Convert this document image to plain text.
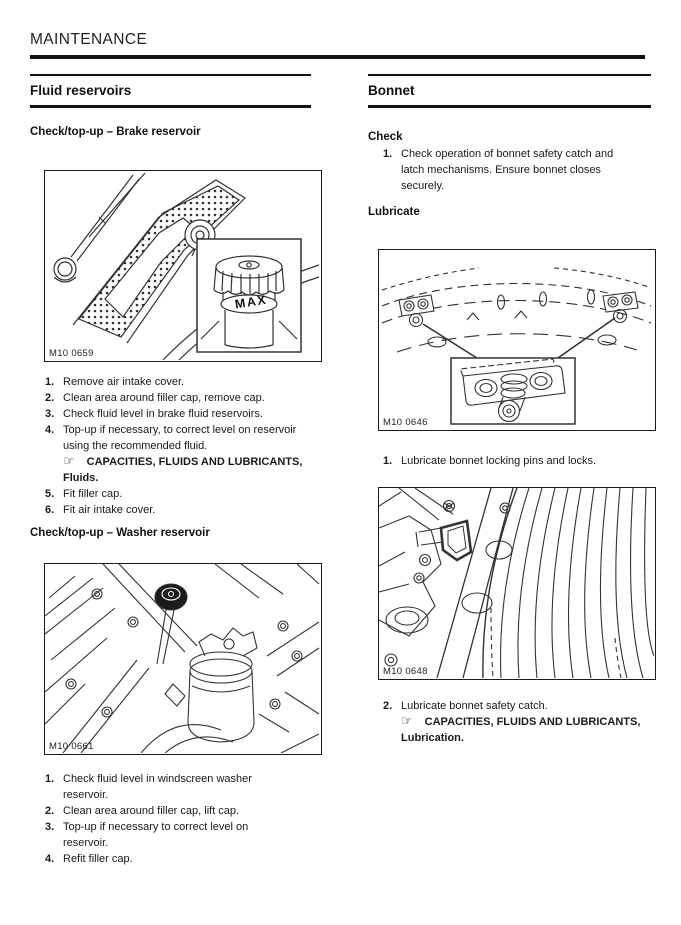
MAINTENANCE
Fluid reservoirs
Check/top-up – Brake reservoir
MAX
M10 0659
1. Remove air intake cover.
2. Clean area around filler cap, remove cap.
3. Check fluid level in brake fluid reservoirs.
4. Top-up if necessary, to correct level on reservoir using the recommended fluid.
☞ CAPACITIES, FLUIDS AND LUBRICANTS, Fluids.
5. Fit filler cap.
6. Fit air intake cover.
Check/top-up – Washer reservoir
M10 0661
1. Check fluid level in windscreen washer reservoir.
2. Clean area around filler cap, lift cap.
3. Top-up if necessary to correct level on reservoir.
4. Refit filler cap.
Bonnet
Check
1. Check operation of bonnet safety catch and latch mechanisms. Ensure bonnet closes securely.
Lubricate
M10 0646
1. Lubricate bonnet locking pins and locks.
M10 0648
2. Lubricate bonnet safety catch.
☞ CAPACITIES, FLUIDS AND LUBRICANTS, Lubrication.
